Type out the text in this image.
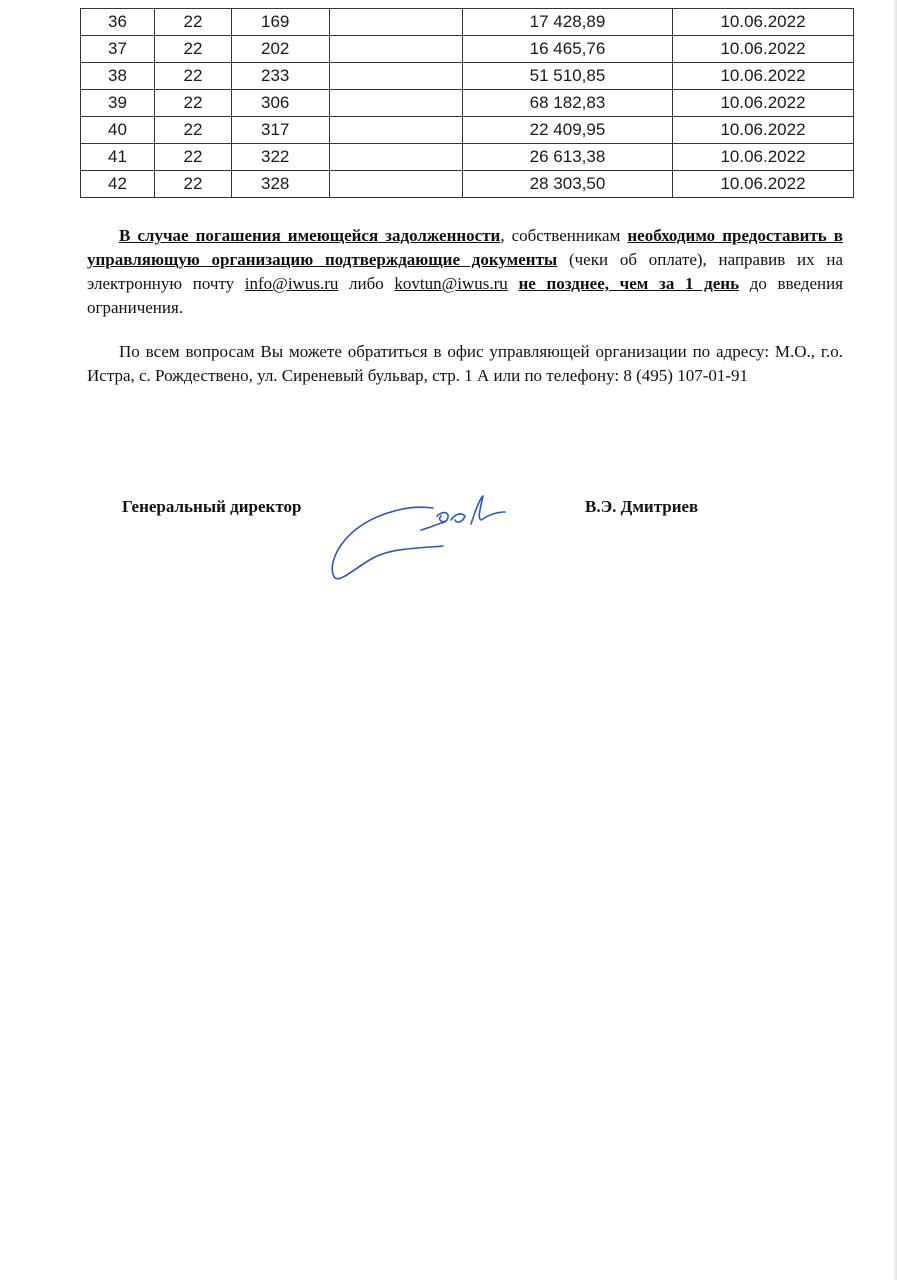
36	22	169		17 428,89	10.06.2022
37	22	202		16 465,76	10.06.2022
38	22	233		51 510,85	10.06.2022
39	22	306		68 182,83	10.06.2022
40	22	317		22 409,95	10.06.2022
41	22	322		26 613,38	10.06.2022
42	22	328		28 303,50	10.06.2022

В случае погашения имеющейся задолженности, собственникам необходимо предоставить в управляющую организацию подтверждающие документы (чеки об оплате), направив их на электронную почту info@iwus.ru либо kovtun@iwus.ru не позднее, чем за 1 день до введения ограничения.

По всем вопросам Вы можете обратиться в офис управляющей организации по адресу: М.О., г.о. Истра, с. Рождествено, ул. Сиреневый бульвар, стр. 1 А или по телефону: 8 (495) 107-01-91

Генеральный директор	В.Э. Дмитриев
